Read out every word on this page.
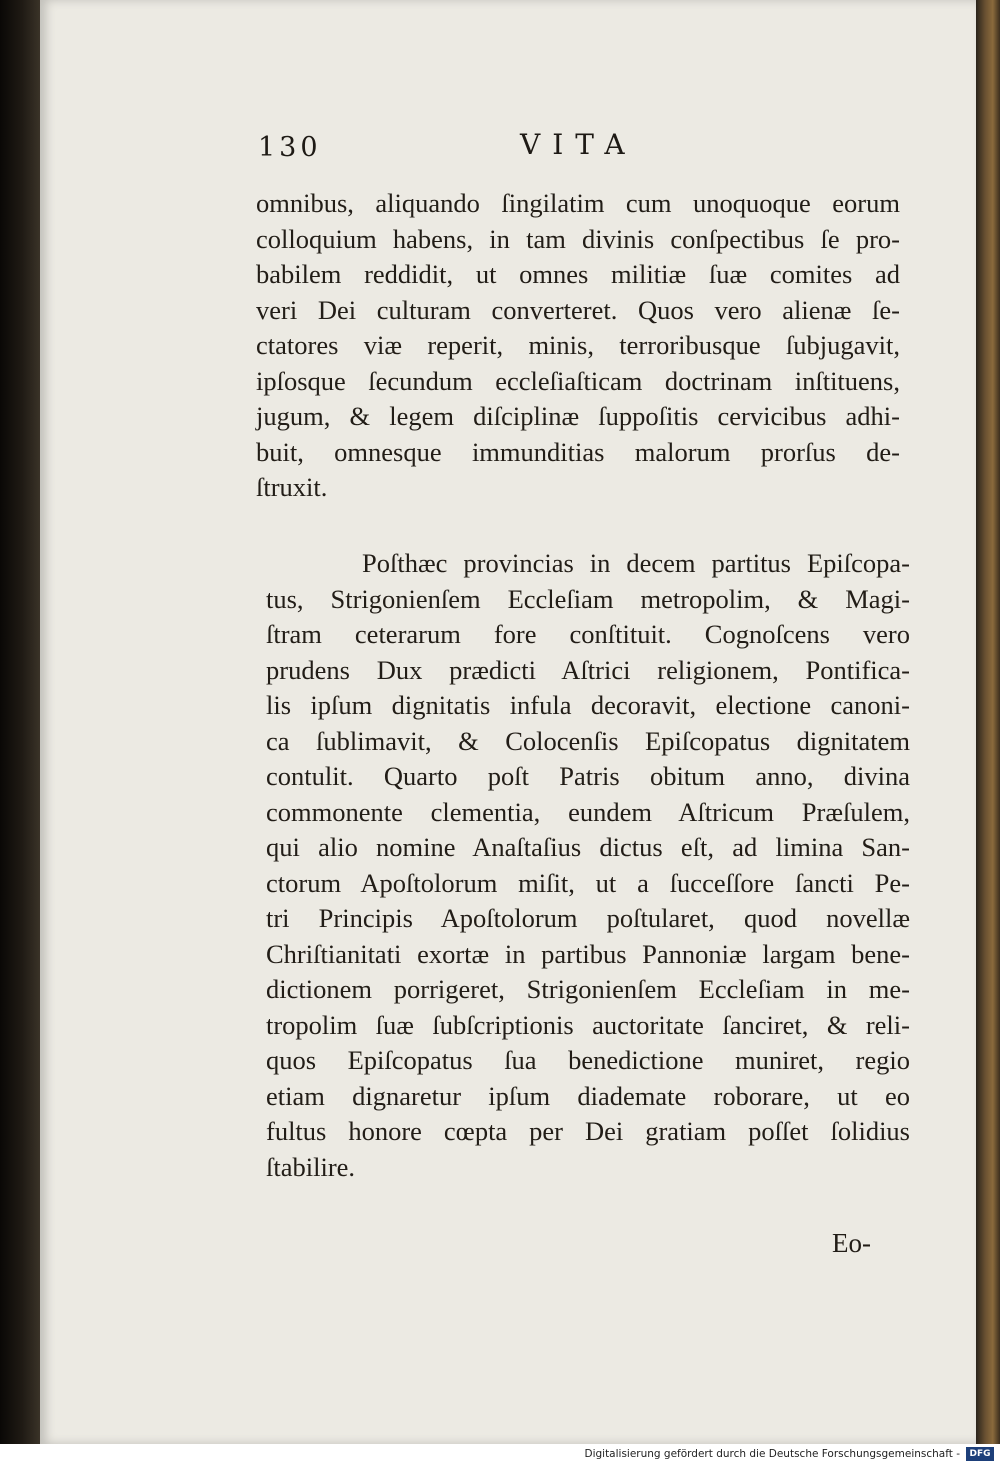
130	VITA
omnibus, aliquando ſingilatim cum unoquoque eorum
colloquium habens, in tam divinis conſpectibus ſe pro-
babilem reddidit, ut omnes militiæ ſuæ comites ad
veri Dei culturam converteret. Quos vero alienæ ſe-
ctatores viæ reperit, minis, terroribusque ſubjugavit,
ipſosque ſecundum eccleſiaſticam doctrinam inſtituens,
jugum, & legem diſciplinæ ſuppoſitis cervicibus adhi-
buit, omnesque immunditias malorum prorſus de-
ſtruxit.
Poſthæc provincias in decem partitus Epiſcopa-
tus, Strigonienſem Eccleſiam metropolim, & Magi-
ſtram ceterarum fore conſtituit. Cognoſcens vero
prudens Dux prædicti Aſtrici religionem, Pontifica-
lis ipſum dignitatis infula decoravit, electione canoni-
ca ſublimavit, & Colocenſis Epiſcopatus dignitatem
contulit. Quarto poſt Patris obitum anno, divina
commonente clementia, eundem Aſtricum Præſulem,
qui alio nomine Anaſtaſius dictus eſt, ad limina San-
ctorum Apoſtolorum miſit, ut a ſucceſſore ſancti Pe-
tri Principis Apoſtolorum poſtularet, quod novellæ
Chriſtianitati exortæ in partibus Pannoniæ largam bene-
dictionem porrigeret, Strigonienſem Eccleſiam in me-
tropolim ſuæ ſubſcriptionis auctoritate ſanciret, & reli-
quos Epiſcopatus ſua benedictione muniret, regio
etiam dignaretur ipſum diademate roborare, ut eo
fultus honore cœpta per Dei gratiam poſſet ſolidius
ſtabilire.
Eo-
Digitalisierung gefördert durch die Deutsche Forschungsgemeinschaft -	DFG
